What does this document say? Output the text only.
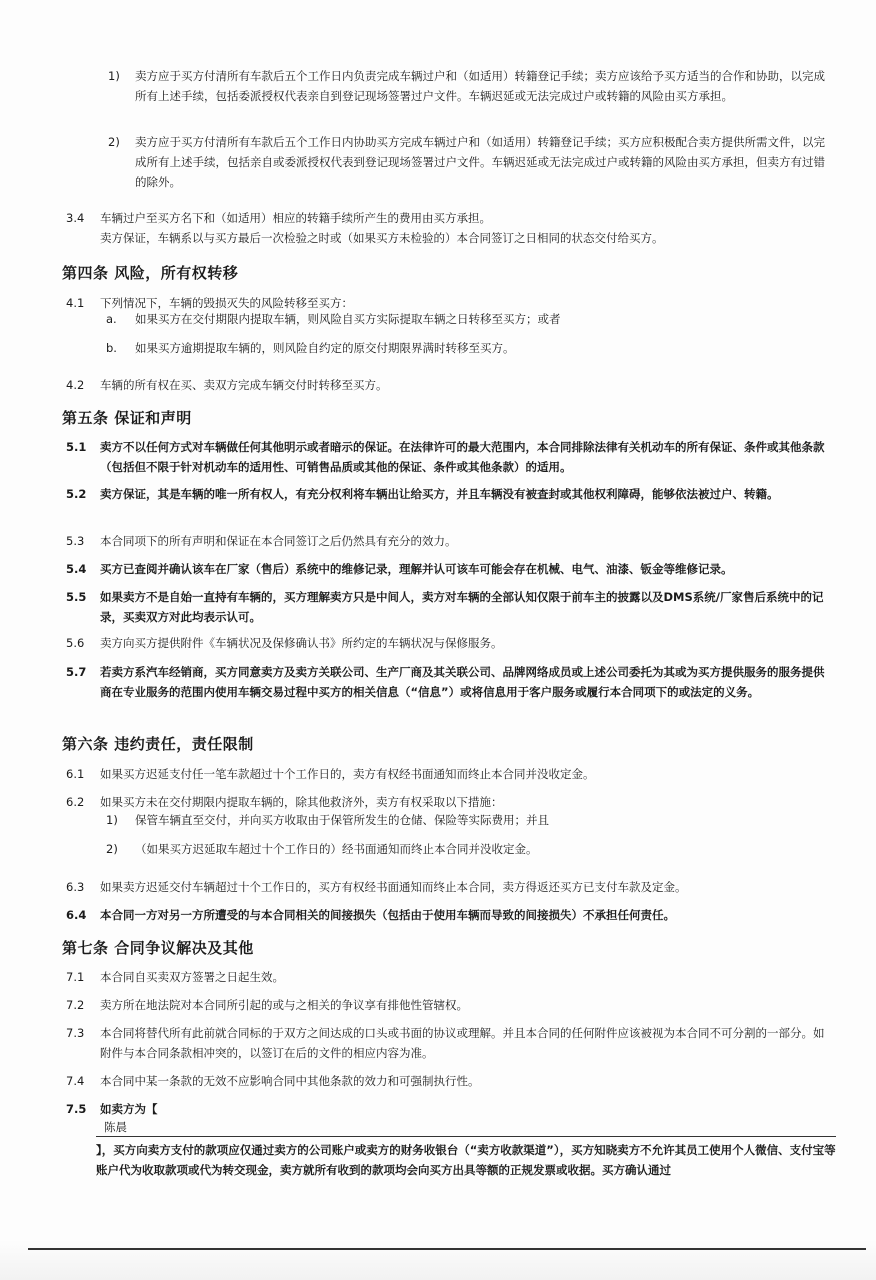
1) 卖方应于买方付清所有车款后五个工作日内负责完成车辆过户和（如适用）转籍登记手续；卖方应该给予买方适当的合作和协助，以完成所有上述手续，包括委派授权代表亲自到登记现场签署过户文件。车辆迟延或无法完成过户或转籍的风险由买方承担。
2) 卖方应于买方付清所有车款后五个工作日内协助买方完成车辆过户和（如适用）转籍登记手续；买方应积极配合卖方提供所需文件，以完成所有上述手续，包括亲自或委派授权代表到登记现场签署过户文件。车辆迟延或无法完成过户或转籍的风险由买方承担，但卖方有过错的除外。
3.4 车辆过户至买方名下和（如适用）相应的转籍手续所产生的费用由买方承担。
卖方保证，车辆系以与买方最后一次检验之时或（如果买方未检验的）本合同签订之日相同的状态交付给买方。
第四条 风险，所有权转移
4.1 下列情况下，车辆的毁损灭失的风险转移至买方：
a. 如果买方在交付期限内提取车辆，则风险自买方实际提取车辆之日转移至买方；或者
b. 如果买方逾期提取车辆的，则风险自约定的原交付期限界满时转移至买方。
4.2 车辆的所有权在买、卖双方完成车辆交付时转移至买方。
第五条 保证和声明
5.1 卖方不以任何方式对车辆做任何其他明示或者暗示的保证。在法律许可的最大范围内，本合同排除法律有关机动车的所有保证、条件或其他条款（包括但不限于针对机动车的适用性、可销售品质或其他的保证、条件或其他条款）的适用。
5.2 卖方保证，其是车辆的唯一所有权人，有充分权利将车辆出让给买方，并且车辆没有被查封或其他权利障碍，能够依法被过户、转籍。
5.3 本合同项下的所有声明和保证在本合同签订之后仍然具有充分的效力。
5.4 买方已查阅并确认该车在厂家（售后）系统中的维修记录，理解并认可该车可能会存在机械、电气、油漆、钣金等维修记录。
5.5 如果卖方不是自始一直持有车辆的，买方理解卖方只是中间人，卖方对车辆的全部认知仅限于前车主的披露以及DMS系统/厂家售后系统中的记录，买卖双方对此均表示认可。
5.6 卖方向买方提供附件《车辆状况及保修确认书》所约定的车辆状况与保修服务。
5.7 若卖方系汽车经销商，买方同意卖方及卖方关联公司、生产厂商及其关联公司、品牌网络成员或上述公司委托为其或为买方提供服务的服务提供商在专业服务的范围内使用车辆交易过程中买方的相关信息（“信息”）或将信息用于客户服务或履行本合同项下的或法定的义务。
第六条 违约责任，责任限制
6.1 如果买方迟延支付任一笔车款超过十个工作日的，卖方有权经书面通知而终止本合同并没收定金。
6.2 如果买方未在交付期限内提取车辆的，除其他救济外，卖方有权采取以下措施：
1) 保管车辆直至交付，并向买方收取由于保管所发生的仓储、保险等实际费用；并且
2) （如果买方迟延取车超过十个工作日的）经书面通知而终止本合同并没收定金。
6.3 如果卖方迟延交付车辆超过十个工作日的，买方有权经书面通知而终止本合同，卖方得返还买方已支付车款及定金。
6.4 本合同一方对另一方所遭受的与本合同相关的间接损失（包括由于使用车辆而导致的间接损失）不承担任何责任。
第七条 合同争议解决及其他
7.1 本合同自买卖双方签署之日起生效。
7.2 卖方所在地法院对本合同所引起的或与之相关的争议享有排他性管辖权。
7.3 本合同将替代所有此前就合同标的于双方之间达成的口头或书面的协议或理解。并且本合同的任何附件应该被视为本合同不可分割的一部分。如附件与本合同条款相冲突的，以签订在后的文件的相应内容为准。
7.4 本合同中某一条款的无效不应影响合同中其他条款的效力和可强制执行性。
7.5 如卖方为【
陈晨
】，买方向卖方支付的款项应仅通过卖方的公司账户或卖方的财务收银台（“卖方收款渠道”），买方知晓卖方不允许其员工使用个人微信、支付宝等账户代为收取款项或代为转交现金，卖方就所有收到的款项均会向买方出具等额的正规发票或收据。买方确认通过
